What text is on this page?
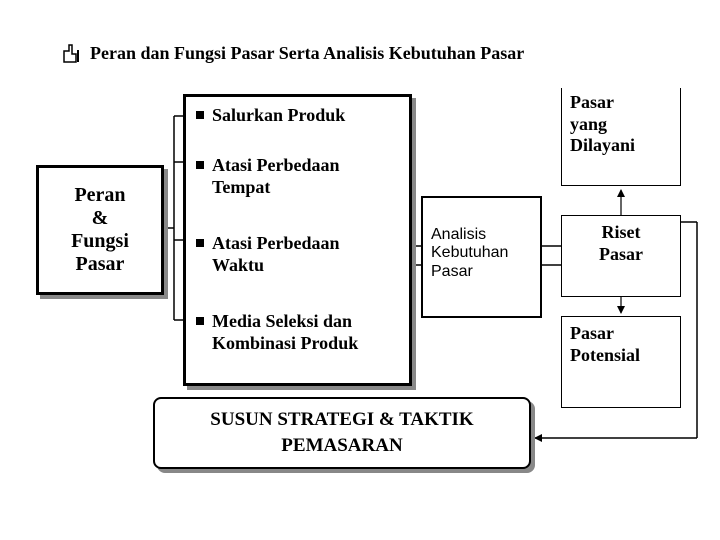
Peran dan Fungsi Pasar Serta Analisis Kebutuhan Pasar
Peran
&
Fungsi
Pasar
Salurkan Produk
Atasi Perbedaan
Tempat
Atasi Perbedaan
Waktu
Media Seleksi dan
Kombinasi Produk
Analisis
Kebutuhan
Pasar
Pasar
yang
Dilayani
Riset
Pasar
Pasar
Potensial
SUSUN STRATEGI & TAKTIK
PEMASARAN
